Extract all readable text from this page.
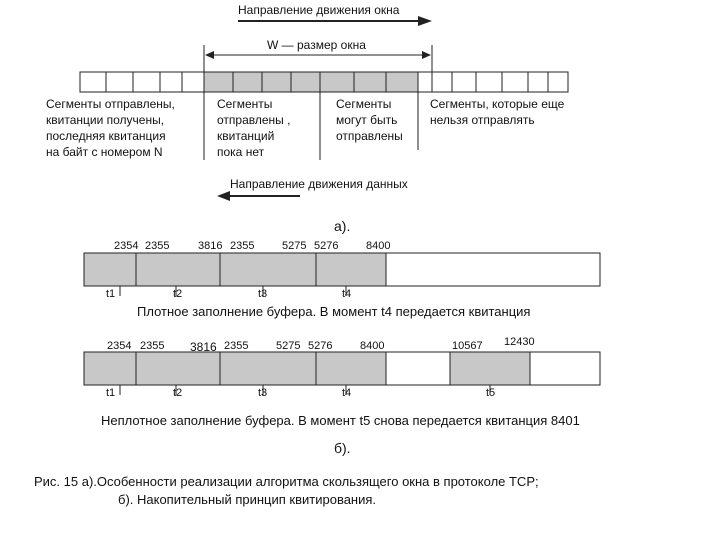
Направление движения окна
W — размер окна
Сегменты отправлены,
квитанции получены,
последняя квитанция
на байт с номером N
Сегменты
отправлены ,
квитанций
пока нет
Сегменты
могут быть
отправлены
Сегменты, которые еще
нельзя отправлять
Направление движения данных
а).
2354 2355	3816 2355	5275 5276	8400
t1	t2	t3	t4
Плотное заполнение буфера. В момент t4 передается квитанция
2354 2355 3816 2355	5275 5276	8400	10567 12430
t1	t2	t3	t4	t5
Неплотное заполнение буфера. В момент t5 снова передается квитанция 8401
б).
Рис. 15 а).Особенности реализации алгоритма скользящего окна в протоколе TCP;
б). Накопительный принцип квитирования.
